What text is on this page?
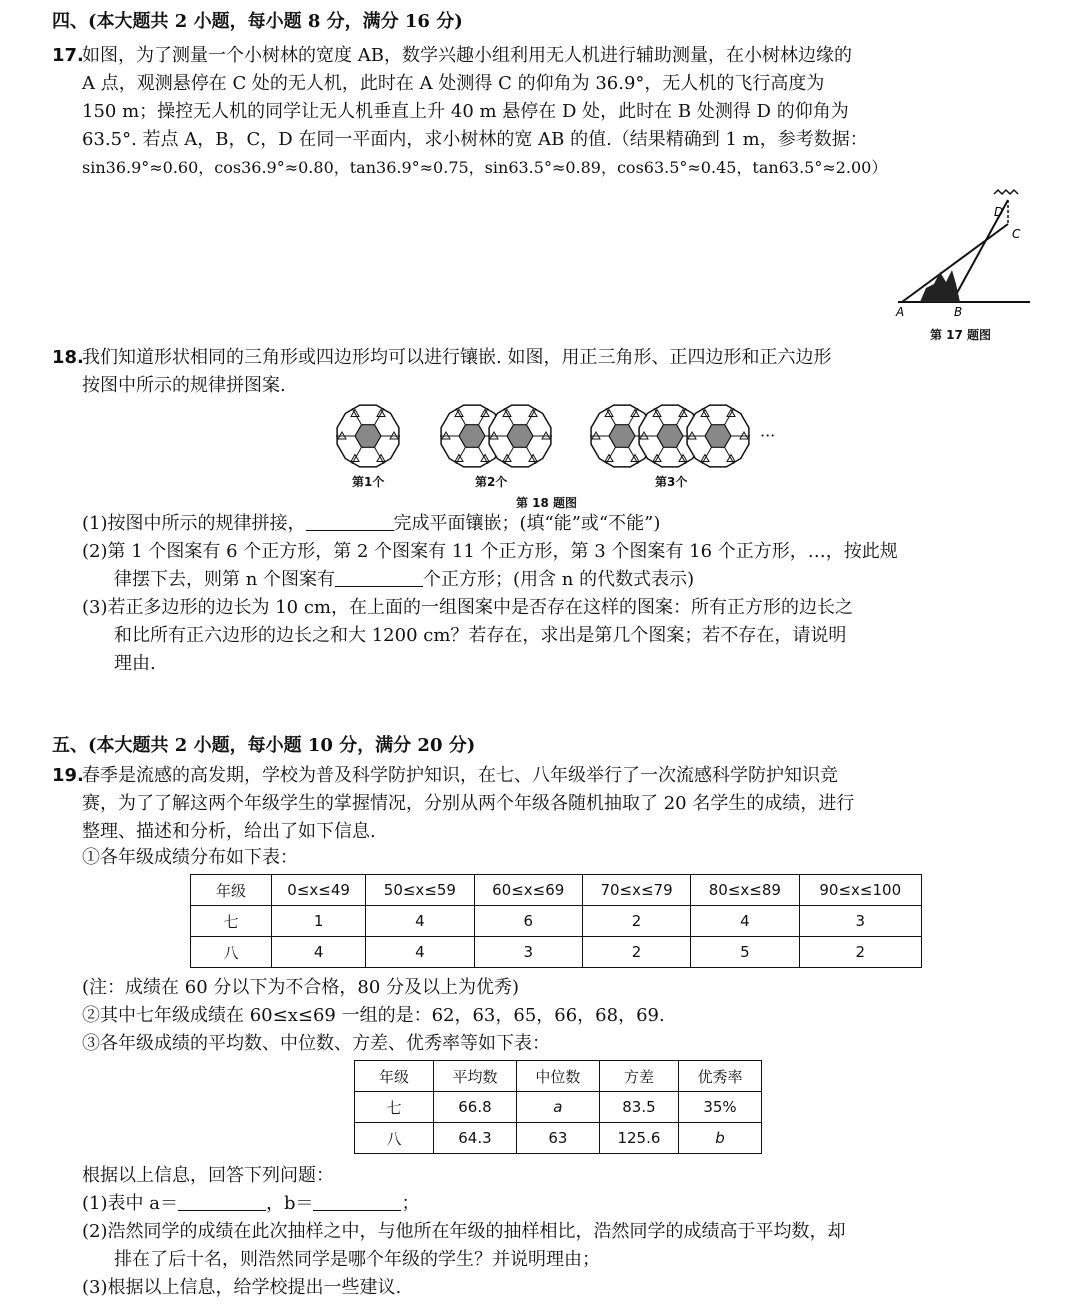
四、(本大题共 2 小题，每小题 8 分，满分 16 分)
17.
如图，为了测量一个小树林的宽度 AB，数学兴趣小组利用无人机进行辅助测量，在小树林边缘的
A 点，观测悬停在 C 处的无人机，此时在 A 处测得 C 的仰角为 36.9°，无人机的飞行高度为
150 m；操控无人机的同学让无人机垂直上升 40 m 悬停在 D 处，此时在 B 处测得 D 的仰角为
63.5°. 若点 A，B，C，D 在同一平面内，求小树林的宽 AB 的值.（结果精确到 1 m，参考数据：
sin36.9°≈0.60，cos36.9°≈0.80，tan36.9°≈0.75，sin63.5°≈0.89，cos63.5°≈0.45，tan63.5°≈2.00）
D
C
B
A
第 17 题图
18.
我们知道形状相同的三角形或四边形均可以进行镶嵌. 如图，用正三角形、正四边形和正六边形
按图中所示的规律拼图案.
第1个	第2个	第3个
···
第 18 题图
(1)按图中所示的规律拼接，	完成平面镶嵌；(填“能”或“不能”)
(2)第 1 个图案有 6 个正方形，第 2 个图案有 11 个正方形，第 3 个图案有 16 个正方形，…，按此规
律摆下去，则第 n 个图案有	个正方形；(用含 n 的代数式表示)
(3)若正多边形的边长为 10 cm，在上面的一组图案中是否存在这样的图案：所有正方形的边长之
和比所有正六边形的边长之和大 1200 cm？若存在，求出是第几个图案；若不存在，请说明
理由.
五、(本大题共 2 小题，每小题 10 分，满分 20 分)
19.
春季是流感的高发期，学校为普及科学防护知识，在七、八年级举行了一次流感科学防护知识竞
赛，为了了解这两个年级学生的掌握情况，分别从两个年级各随机抽取了 20 名学生的成绩，进行
整理、描述和分析，给出了如下信息.
①各年级成绩分布如下表：
年级	0≤x≤49	50≤x≤59	60≤x≤69	70≤x≤79	80≤x≤89	90≤x≤100
七	1	4	6	2	4	3
八	4	4	3	2	5	2
(注：成绩在 60 分以下为不合格，80 分及以上为优秀)
②其中七年级成绩在 60≤x≤69 一组的是：62，63，65，66，68，69.
③各年级成绩的平均数、中位数、方差、优秀率等如下表：
年级	平均数	中位数	方差	优秀率
七	66.8	a	83.5	35%
八	64.3	63	125.6	b
根据以上信息，回答下列问题：
(1)表中 a＝	，b＝	；
(2)浩然同学的成绩在此次抽样之中，与他所在年级的抽样相比，浩然同学的成绩高于平均数，却
排在了后十名，则浩然同学是哪个年级的学生？并说明理由；
(3)根据以上信息，给学校提出一些建议.
